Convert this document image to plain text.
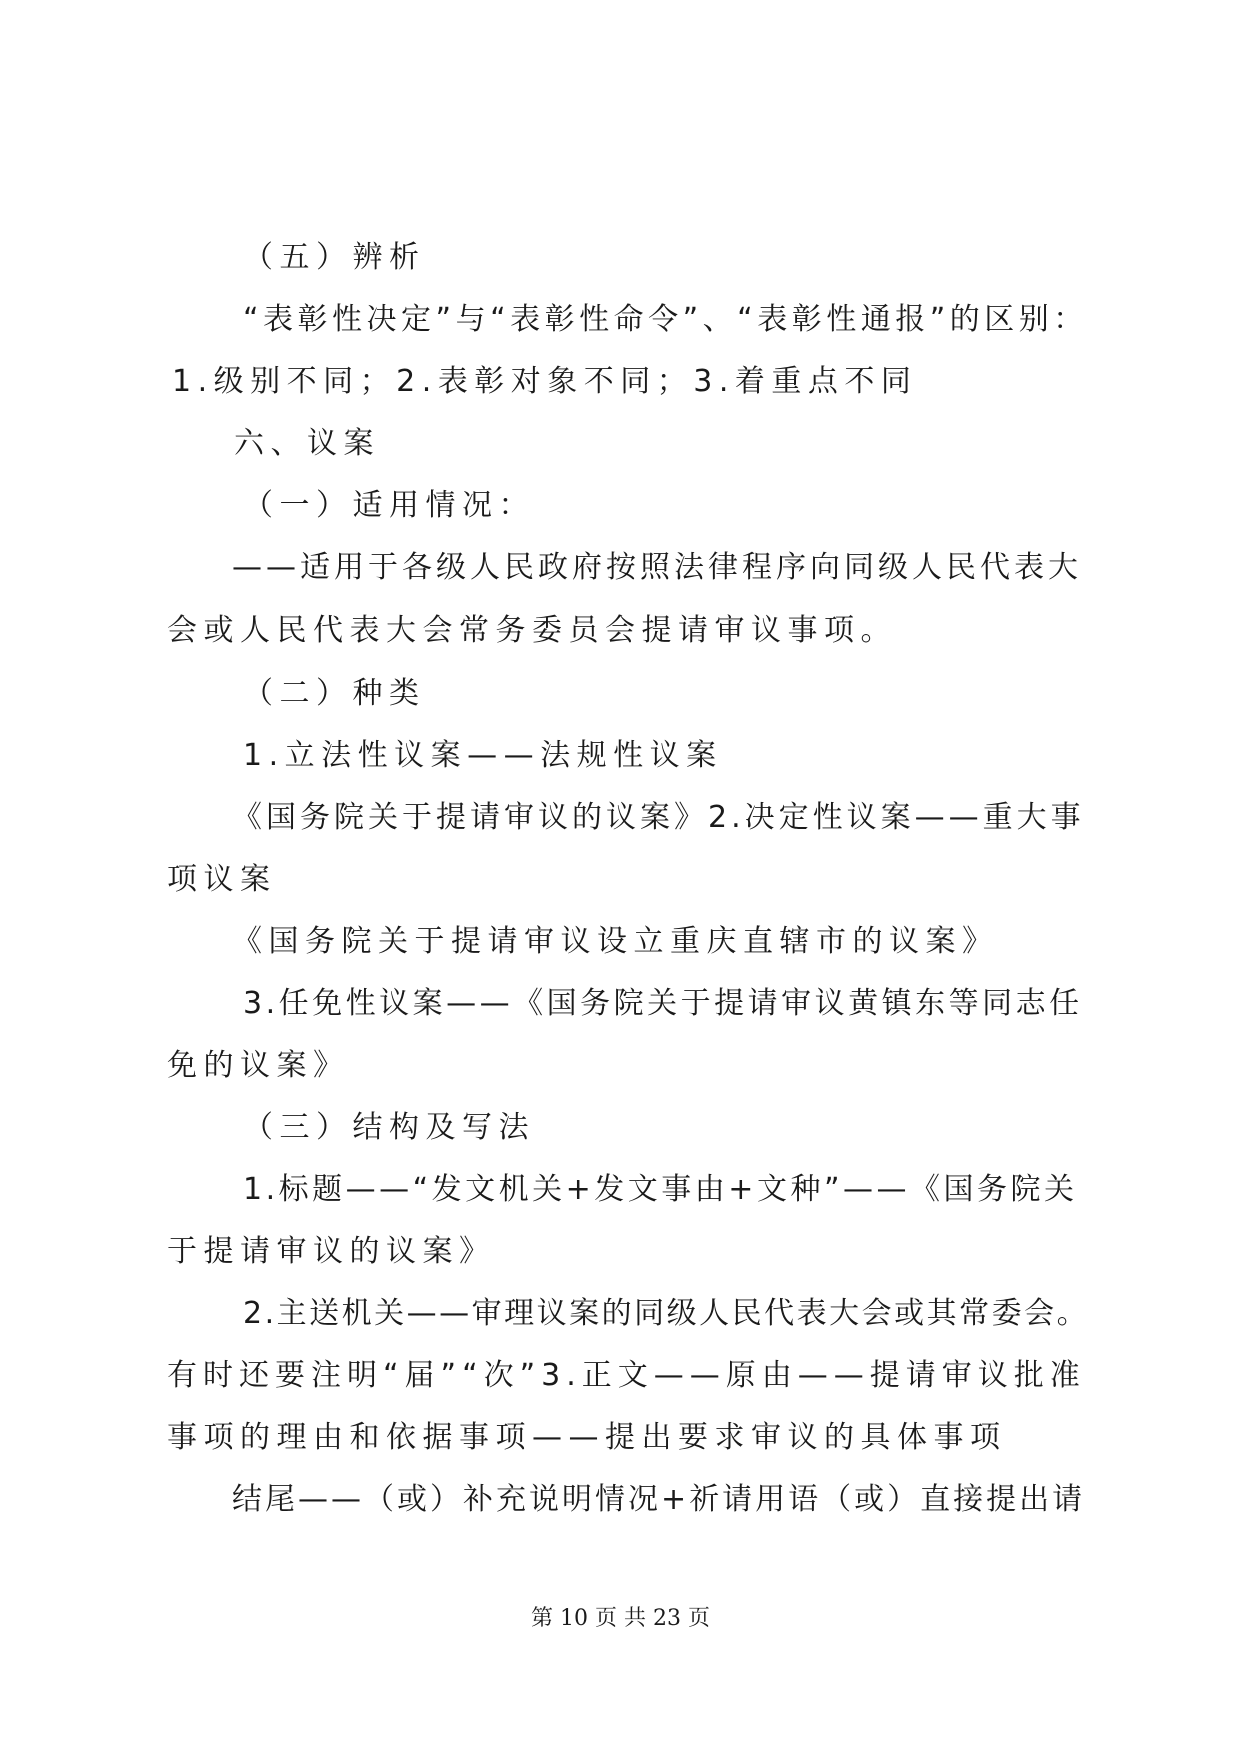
（五）辨析
“表彰性决定”与“表彰性命令”、“表彰性通报”的区别：
1.级别不同；2.表彰对象不同；3.着重点不同
六、议案
（一）适用情况：
——适用于各级人民政府按照法律程序向同级人民代表大
会或人民代表大会常务委员会提请审议事项。
（二）种类
1.立法性议案——法规性议案
《国务院关于提请审议的议案》2.决定性议案——重大事
项议案
《国务院关于提请审议设立重庆直辖市的议案》
3.任免性议案——《国务院关于提请审议黄镇东等同志任
免的议案》
（三）结构及写法
1.标题——“发文机关+发文事由+文种”——《国务院关
于提请审议的议案》
2.主送机关——审理议案的同级人民代表大会或其常委会。
有时还要注明“届”“次”3.正文——原由——提请审议批准
事项的理由和依据事项——提出要求审议的具体事项
结尾——（或）补充说明情况+祈请用语（或）直接提出请
第 10 页 共 23 页
